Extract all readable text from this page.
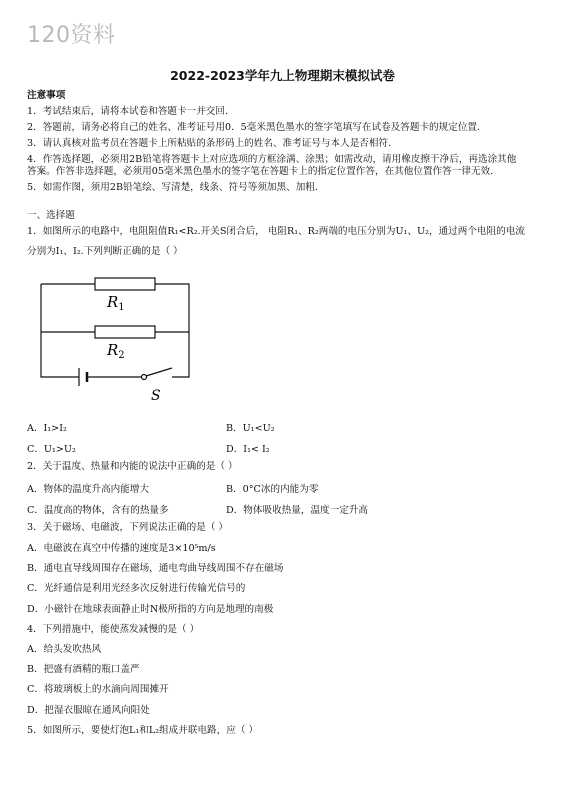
120资料
2022-2023学年九上物理期末模拟试卷
注意事项
1．考试结束后，请将本试卷和答题卡一并交回.
2．答题前，请务必将自己的姓名、准考证号用0．5毫米黑色墨水的签字笔填写在试卷及答题卡的规定位置.
3．请认真核对监考员在答题卡上所粘贴的条形码上的姓名、准考证号与本人是否相符.
4．作答选择题，必须用2B铅笔将答题卡上对应选项的方框涂满、涂黑；如需改动，请用橡皮擦干净后，再选涂其他
答案。作答非选择题，必须用05毫米黑色墨水的签字笔在答题卡上的指定位置作答，在其他位置作答一律无效.
5．如需作图，须用2B铅笔绘、写清楚，线条、符号等须加黑、加粗.
一、选择题
1．如图所示的电路中，电阻阻值R₁<R₂.开关S闭合后， 电阻R₁、R₂两端的电压分别为U₁、U₂，通过两个电阻的电流
分别为I₁、I₂.下列判断正确的是（ ）
$R_1$
$R_2$
S
A．I₁>I₂	B．U₁<U₂
C．U₁>U₂	D．I₁< I₂
2．关于温度、热量和内能的说法中正确的是（ ）
A．物体的温度升高内能增大	B．0°C冰的内能为零
C．温度高的物体，含有的热量多	D．物体吸收热量，温度一定升高
3．关于磁场、电磁波，下列说法正确的是（ ）
A．电磁波在真空中传播的速度是3×10⁵m/s
B．通电直导线周围存在磁场，通电弯曲导线周围不存在磁场
C．光纤通信是利用光经多次反射进行传输光信号的
D．小磁针在地球表面静止时N极所指的方向是地理的南极
4．下列措施中，能使蒸发减慢的是（ ）
A．给头发吹热风
B．把盛有酒精的瓶口盖严
C．将玻璃板上的水滴向周围摊开
D．把湿衣服晾在通风向阳处
5．如图所示，要使灯泡L₁和L₂组成并联电路，应（ ）
